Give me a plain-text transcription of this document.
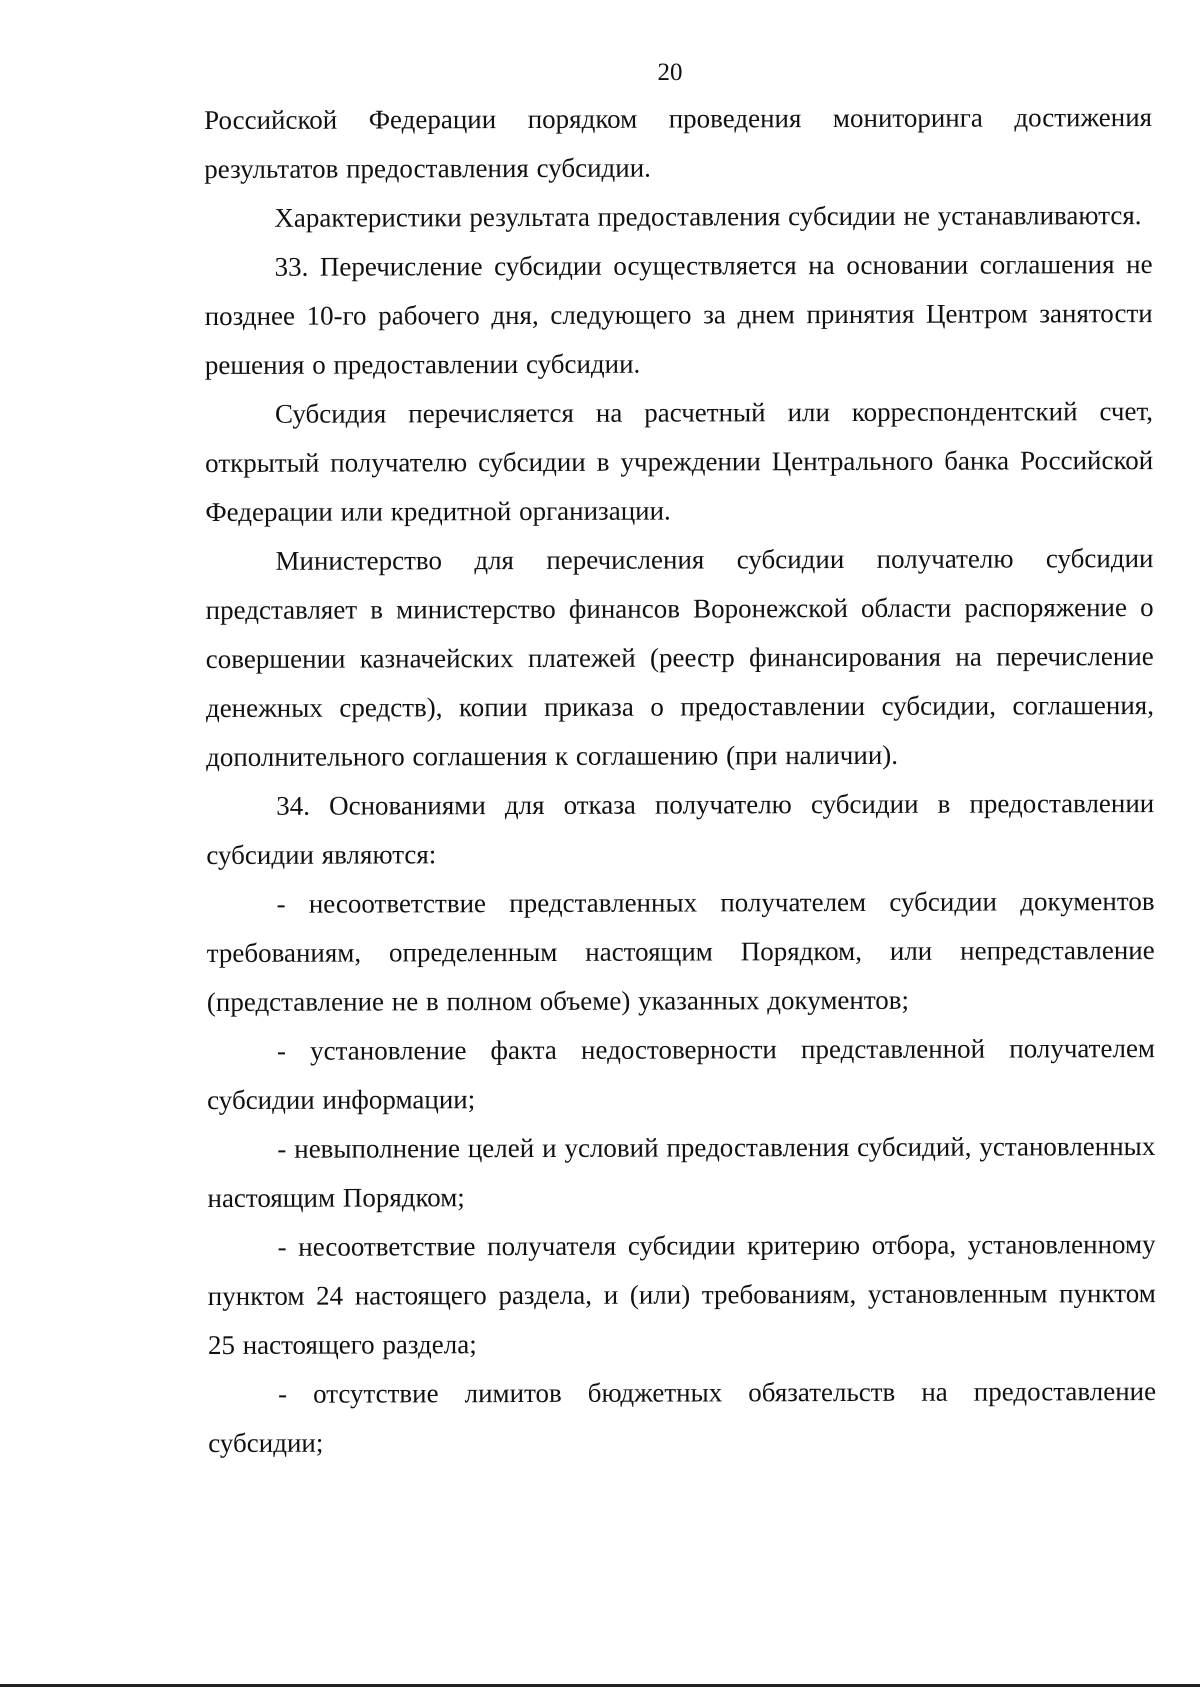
20

Российской Федерации порядком проведения мониторинга достижения результатов предоставления субсидии.

Характеристики результата предоставления субсидии не устанавливаются.

33. Перечисление субсидии осуществляется на основании соглашения не позднее 10-го рабочего дня, следующего за днем принятия Центром занятости решения о предоставлении субсидии.

Субсидия перечисляется на расчетный или корреспондентский счет, открытый получателю субсидии в учреждении Центрального банка Российской Федерации или кредитной организации.

Министерство для перечисления субсидии получателю субсидии представляет в министерство финансов Воронежской области распоряжение о совершении казначейских платежей (реестр финансирования на перечисление денежных средств), копии приказа о предоставлении субсидии, соглашения, дополнительного соглашения к соглашению (при наличии).

34. Основаниями для отказа получателю субсидии в предоставлении субсидии являются:

- несоответствие представленных получателем субсидии документов требованиям, определенным настоящим Порядком, или непредставление (представление не в полном объеме) указанных документов;

- установление факта недостоверности представленной получателем субсидии информации;

- невыполнение целей и условий предоставления субсидий, установленных настоящим Порядком;

- несоответствие получателя субсидии критерию отбора, установленному пунктом 24 настоящего раздела, и (или) требованиям, установленным пунктом 25 настоящего раздела;

- отсутствие лимитов бюджетных обязательств на предоставление субсидии;
